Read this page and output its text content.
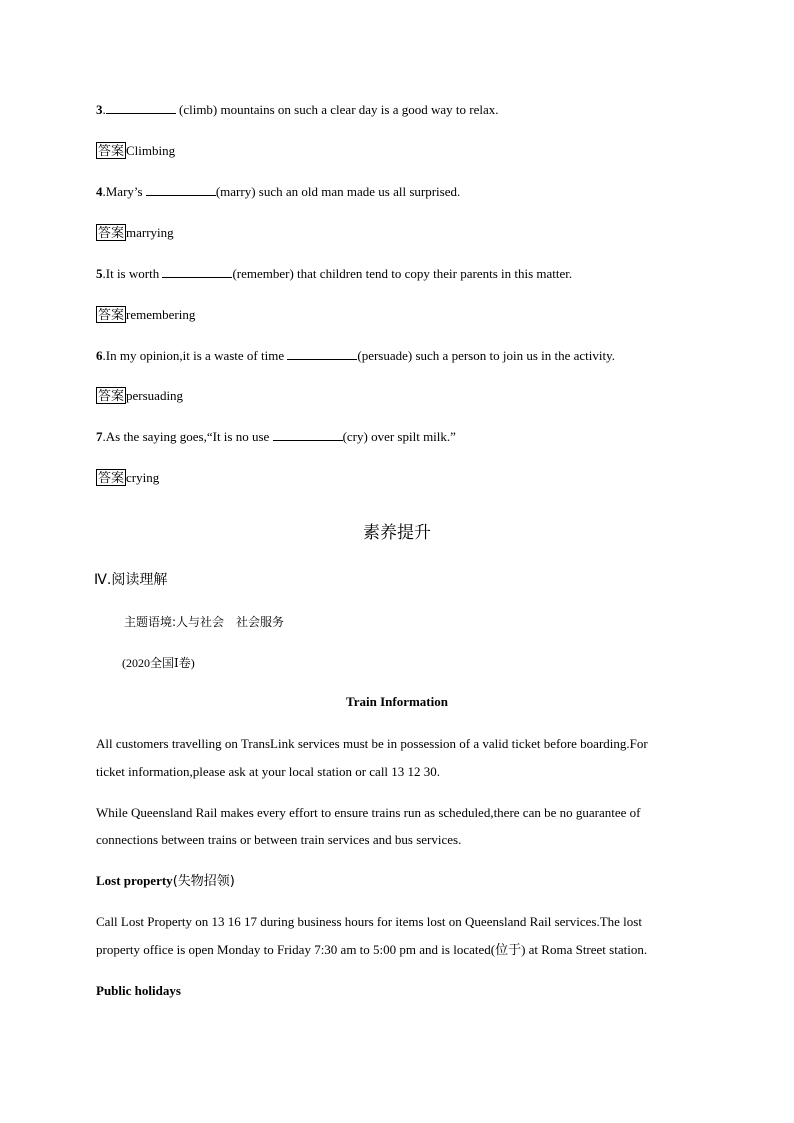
3.	(climb) mountains on such a clear day is a good way to relax.
答案 Climbing
4.Mary’s	(marry) such an old man made us all surprised.
答案 marrying
5.It is worth	(remember) that children tend to copy their parents in this matter.
答案 remembering
6.In my opinion,it is a waste of time	(persuade) such a person to join us in the activity.
答案 persuading
7.As the saying goes,“It is no use	(cry) over spilt milk.”
答案 crying
素养提升
Ⅳ.阅读理解
主题语境:人与社会　社会服务
(2020全国Ⅰ卷)
Train Information
All customers travelling on TransLink services must be in possession of a valid ticket before boarding.For
ticket information,please ask at your local station or call 13 12 30.
While Queensland Rail makes every effort to ensure trains run as scheduled,there can be no guarantee of
connections between trains or between train services and bus services.
Lost property(失物招领)
Call Lost Property on 13 16 17 during business hours for items lost on Queensland Rail services.The lost
property office is open Monday to Friday 7:30 am to 5:00 pm and is located(位于) at Roma Street station.
Public holidays
